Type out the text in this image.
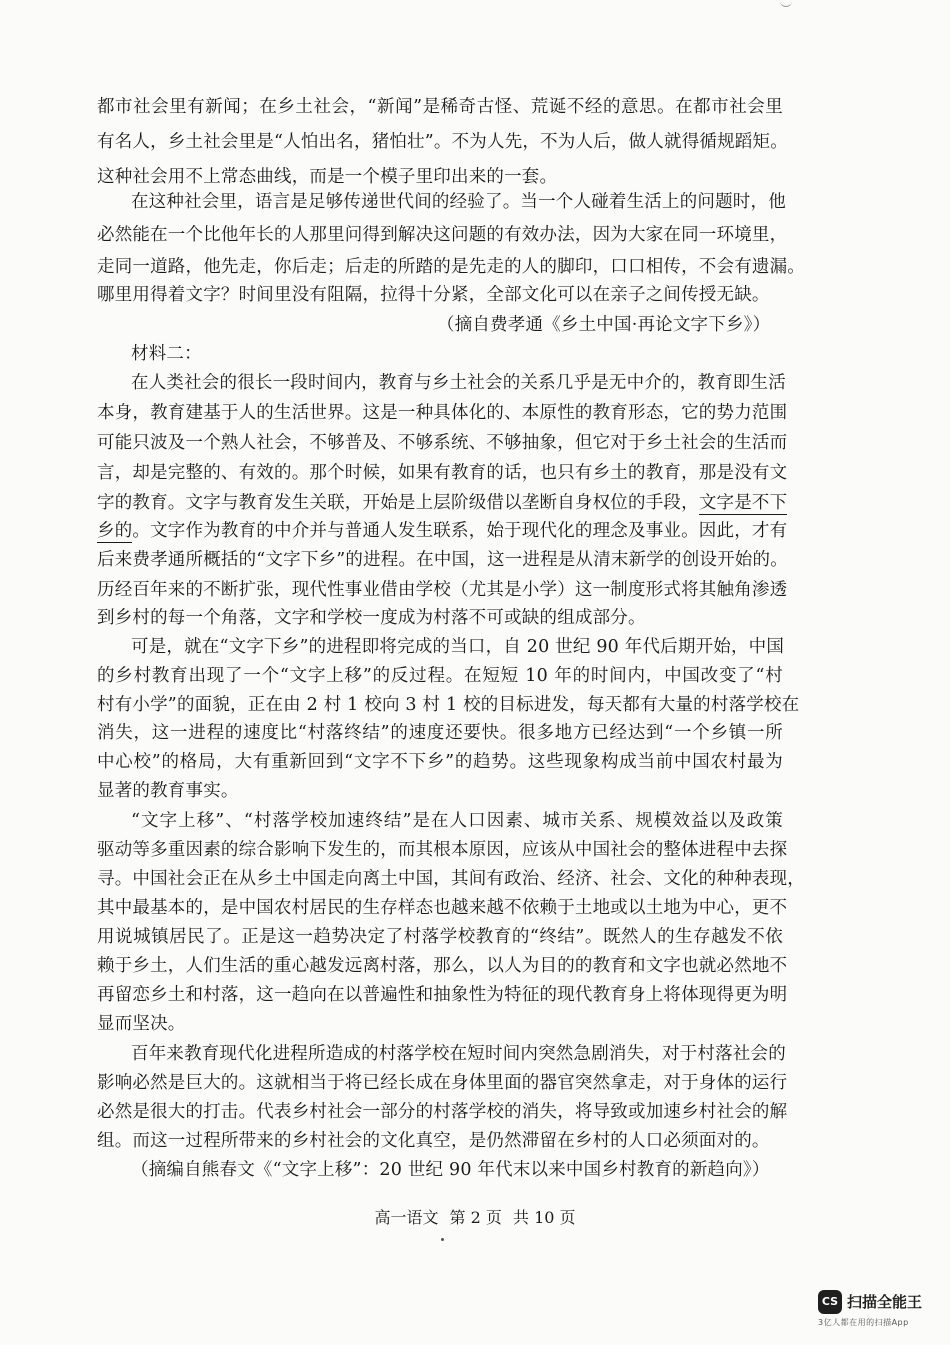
都市社会里有新闻；在乡土社会，“新闻”是稀奇古怪、荒诞不经的意思。在都市社会里
有名人，乡土社会里是“人怕出名，猪怕壮”。不为人先，不为人后，做人就得循规蹈矩。
这种社会用不上常态曲线，而是一个模子里印出来的一套。
在这种社会里，语言是足够传递世代间的经验了。当一个人碰着生活上的问题时，他
必然能在一个比他年长的人那里问得到解决这问题的有效办法，因为大家在同一环境里，
走同一道路，他先走，你后走；后走的所踏的是先走的人的脚印，口口相传，不会有遗漏。
哪里用得着文字？时间里没有阻隔，拉得十分紧，全部文化可以在亲子之间传授无缺。
（摘自费孝通《乡土中国·再论文字下乡》）
材料二：
在人类社会的很长一段时间内，教育与乡土社会的关系几乎是无中介的，教育即生活
本身，教育建基于人的生活世界。这是一种具体化的、本原性的教育形态，它的势力范围
可能只波及一个熟人社会，不够普及、不够系统、不够抽象，但它对于乡土社会的生活而
言，却是完整的、有效的。那个时候，如果有教育的话，也只有乡土的教育，那是没有文
字的教育。文字与教育发生关联，开始是上层阶级借以垄断自身权位的手段，文字是不下
乡的。文字作为教育的中介并与普通人发生联系，始于现代化的理念及事业。因此，才有
后来费孝通所概括的“文字下乡”的进程。在中国，这一进程是从清末新学的创设开始的。
历经百年来的不断扩张，现代性事业借由学校（尤其是小学）这一制度形式将其触角渗透
到乡村的每一个角落，文字和学校一度成为村落不可或缺的组成部分。
可是，就在“文字下乡”的进程即将完成的当口，自 20 世纪 90 年代后期开始，中国
的乡村教育出现了一个“文字上移”的反过程。在短短 10 年的时间内，中国改变了“村
村有小学”的面貌，正在由 2 村 1 校向 3 村 1 校的目标进发，每天都有大量的村落学校在
消失，这一进程的速度比“村落终结”的速度还要快。很多地方已经达到“一个乡镇一所
中心校”的格局，大有重新回到“文字不下乡”的趋势。这些现象构成当前中国农村最为
显著的教育事实。
“文字上移”、“村落学校加速终结”是在人口因素、城市关系、规模效益以及政策
驱动等多重因素的综合影响下发生的，而其根本原因，应该从中国社会的整体进程中去探
寻。中国社会正在从乡土中国走向离土中国，其间有政治、经济、社会、文化的种种表现，
其中最基本的，是中国农村居民的生存样态也越来越不依赖于土地或以土地为中心，更不
用说城镇居民了。正是这一趋势决定了村落学校教育的“终结”。既然人的生存越发不依
赖于乡土，人们生活的重心越发远离村落，那么，以人为目的的教育和文字也就必然地不
再留恋乡土和村落，这一趋向在以普遍性和抽象性为特征的现代教育身上将体现得更为明
显而坚决。
百年来教育现代化进程所造成的村落学校在短时间内突然急剧消失，对于村落社会的
影响必然是巨大的。这就相当于将已经长成在身体里面的器官突然拿走，对于身体的运行
必然是很大的打击。代表乡村社会一部分的村落学校的消失，将导致或加速乡村社会的解
组。而这一过程所带来的乡村社会的文化真空，是仍然滞留在乡村的人口必须面对的。
（摘编自熊春文《“文字上移”：20 世纪 90 年代末以来中国乡村教育的新趋向》）
高一语文 第 2 页 共 10 页
CS 扫描全能王
3亿人都在用的扫描App
